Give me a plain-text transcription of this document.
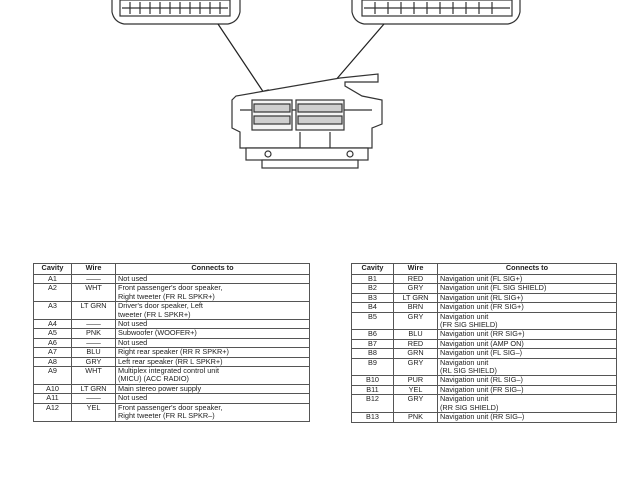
Cavity	Wire	Connects to
A1	——	Not used

A2	WHT	Front passenger's door speaker,
Right tweeter (FR RL SPKR+)

A3	LT GRN	Driver's door speaker, Left
tweeter (FR L SPKR+)

A4	——	Not used

A5	PNK	Subwoofer (WOOFER+)

A6	——	Not used

A7	BLU	Right rear speaker (RR R SPKR+)

A8	GRY	Left rear speaker (RR L SPKR+)

A9	WHT	Multiplex integrated control unit
(MICU) (ACC RADIO)

A10	LT GRN	Main stereo power supply

A11	——	Not used

A12	YEL	Front passenger's door speaker,
Right tweeter (FR RL SPKR–)
Cavity	Wire	Connects to
B1	RED	Navigation unit (FL SIG+)

B2	GRY	Navigation unit (FL SIG SHIELD)

B3	LT GRN	Navigation unit (RL SIG+)

B4	BRN	Navigation unit (FR SIG+)

B5	GRY	Navigation unit
(FR SIG SHIELD)

B6	BLU	Navigation unit (RR SIG+)

B7	RED	Navigation unit (AMP ON)

B8	GRN	Navigation unit (FL SIG–)

B9	GRY	Navigation unit
(RL SIG SHIELD)

B10	PUR	Navigation unit (RL SIG–)

B11	YEL	Navigation unit (FR SIG–)

B12	GRY	Navigation unit
(RR SIG SHIELD)

B13	PNK	Navigation unit (RR SIG–)
